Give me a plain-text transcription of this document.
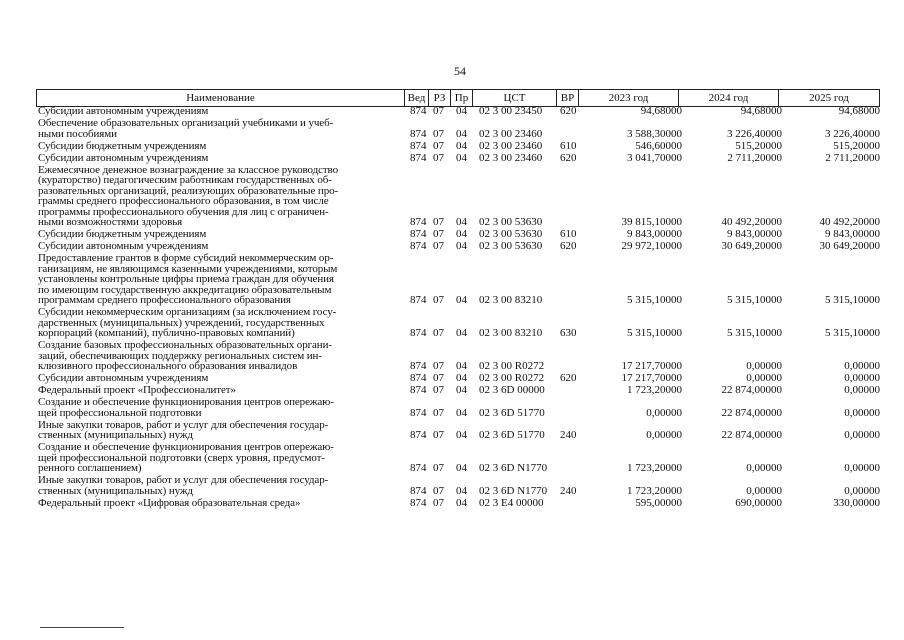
54
Наименование	Вед РЗ Пр	ЦСТ	ВР	2023 год	2024 год	2025 год
Субсидии автономным учреждениям	874 07 04 02 3 00 23450 620	94,68000	94,68000	94,68000
Обеспечение образовательных организаций учебниками и учеб-
ными пособиями	874 07 04 02 3 00 23460	3 588,30000	3 226,40000	3 226,40000
Субсидии бюджетным учреждениям	874 07 04 02 3 00 23460 610	546,60000	515,20000	515,20000
Субсидии автономным учреждениям	874 07 04 02 3 00 23460 620	3 041,70000	2 711,20000	2 711,20000
Ежемесячное денежное вознаграждение за классное руководство
(кураторство) педагогическим работникам государственных об-
разовательных организаций, реализующих образовательные про-
граммы среднего профессионального образования, в том числе
программы профессионального обучения для лиц с ограничен-
ными возможностями здоровья	874 07 04 02 3 00 53630	39 815,10000	40 492,20000	40 492,20000
Субсидии бюджетным учреждениям	874 07 04 02 3 00 53630 610	9 843,00000	9 843,00000	9 843,00000
Субсидии автономным учреждениям	874 07 04 02 3 00 53630 620	29 972,10000	30 649,20000	30 649,20000
Предоставление грантов в форме субсидий некоммерческим ор-
ганизациям, не являющимся казенными учреждениями, которым
установлены контрольные цифры приема граждан для обучения
по имеющим государственную аккредитацию образовательным
программам среднего профессионального образования	874 07 04 02 3 00 83210	5 315,10000	5 315,10000	5 315,10000
Субсидии некоммерческим организациям (за исключением госу-
дарственных (муниципальных) учреждений, государственных
корпораций (компаний), публично-правовых компаний)	874 07 04 02 3 00 83210 630	5 315,10000	5 315,10000	5 315,10000
Создание базовых профессиональных образовательных органи-
заций, обеспечивающих поддержку региональных систем ин-
клюзивного профессионального образования инвалидов	874 07 04 02 3 00 R0272	17 217,70000	0,00000	0,00000
Субсидии автономным учреждениям	874 07 04 02 3 00 R0272 620	17 217,70000	0,00000	0,00000
Федеральный проект «Профессионалитет»	874 07 04 02 3 6D 00000	1 723,20000	22 874,00000	0,00000
Создание и обеспечение функционирования центров опережаю-
щей профессиональной подготовки	874 07 04 02 3 6D 51770	0,00000	22 874,00000	0,00000
Иные закупки товаров, работ и услуг для обеспечения государ-
ственных (муниципальных) нужд	874 07 04 02 3 6D 51770 240	0,00000	22 874,00000	0,00000
Создание и обеспечение функционирования центров опережаю-
щей профессиональной подготовки (сверх уровня, предусмот-
ренного соглашением)	874 07 04 02 3 6D N1770	1 723,20000	0,00000	0,00000
Иные закупки товаров, работ и услуг для обеспечения государ-
ственных (муниципальных) нужд	874 07 04 02 3 6D N1770 240	1 723,20000	0,00000	0,00000
Федеральный проект «Цифровая образовательная среда»	874 07 04 02 3 E4 00000	595,00000	690,00000	330,00000
